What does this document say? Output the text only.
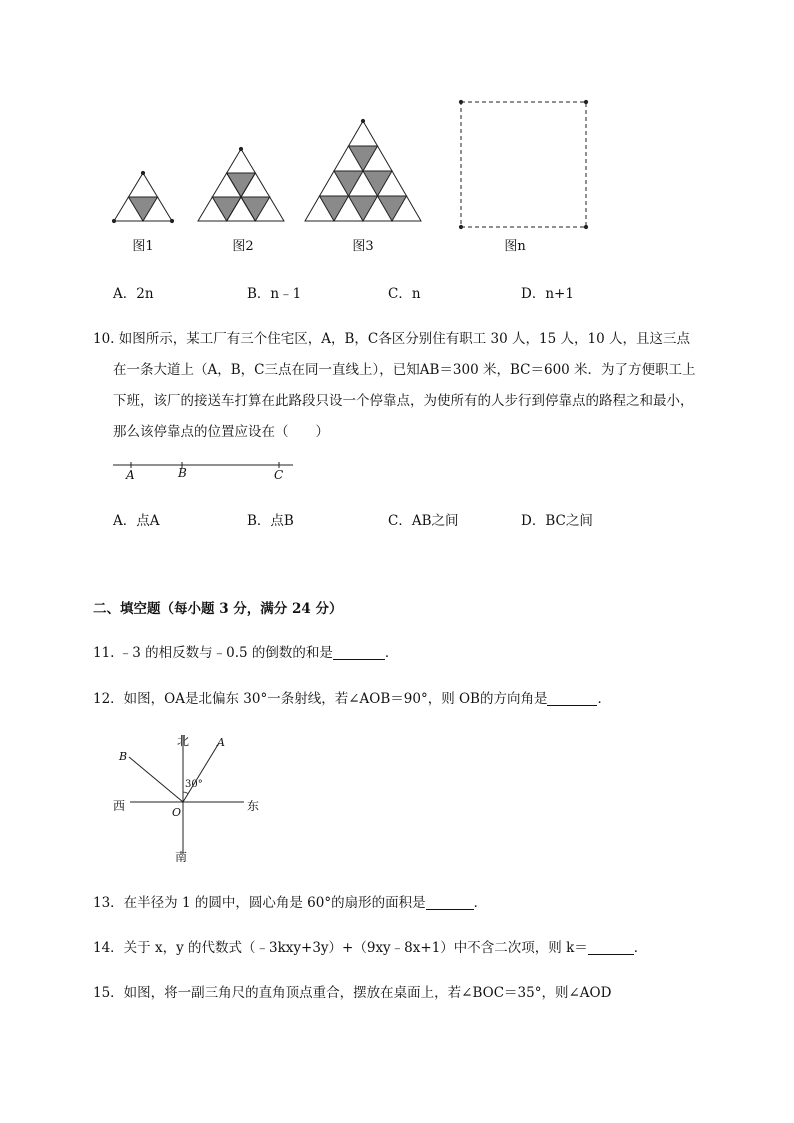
图1	图2	图3	图n
A．2n	B．n﹣1	C．n	D．n+1
10. 如图所示，某工厂有三个住宅区，A，B，C各区分别住有职工 30 人，15 人，10 人，且这三点
在一条大道上（A，B，C三点在同一直线上），已知AB＝300 米，BC＝600 米．为了方便职工上
下班，该厂的接送车打算在此路段只设一个停靠点，为使所有的人步行到停靠点的路程之和最小，
那么该停靠点的位置应设在（　　）
A	B	C
A．点A	B．点B	C．AB之间	D．BC之间
二、填空题（每小题 3 分，满分 24 分）
11. ﹣3 的相反数与﹣0.5 的倒数的和是	．
12．如图，OA是北偏东 30°一条射线，若∠AOB＝90°，则 OB的方向角是	．
北
南
西	东
A
B
O
30°
13．在半径为 1 的圆中，圆心角是 60°的扇形的面积是	．
14．关于 x，y 的代数式（﹣3kxy+3y）+（9xy﹣8x+1）中不含二次项，则 k＝	．
15．如图，将一副三角尺的直角顶点重合，摆放在桌面上，若∠BOC＝35°，则∠AOD
